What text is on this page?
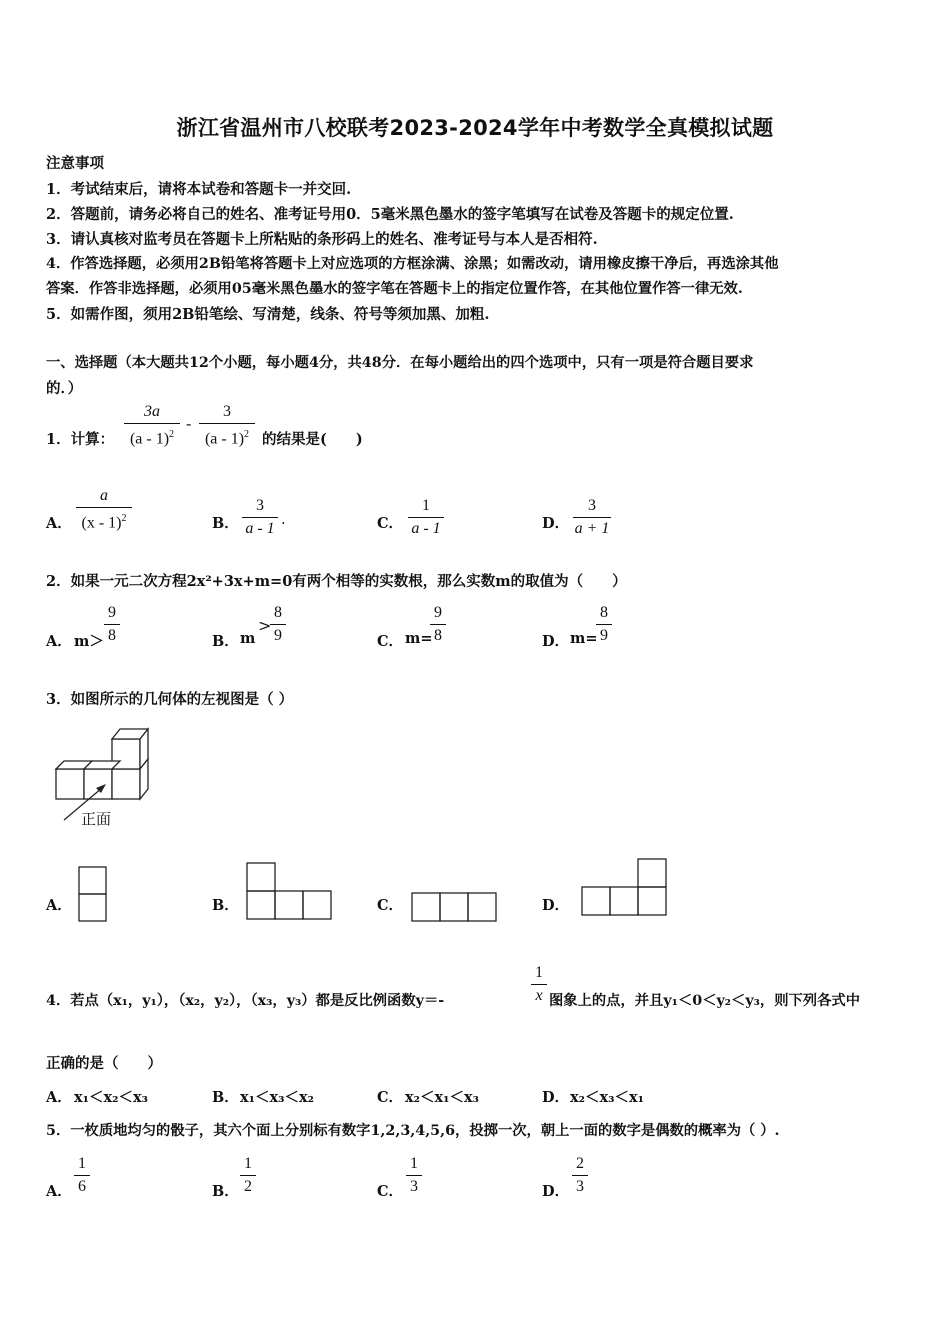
浙江省温州市八校联考2023-2024学年中考数学全真模拟试题
注意事项
1．考试结束后，请将本试卷和答题卡一并交回.
2．答题前，请务必将自己的姓名、准考证号用0．5毫米黑色墨水的签字笔填写在试卷及答题卡的规定位置.
3．请认真核对监考员在答题卡上所粘贴的条形码上的姓名、准考证号与本人是否相符.
4．作答选择题，必须用2B铅笔将答题卡上对应选项的方框涂满、涂黑；如需改动，请用橡皮擦干净后，再选涂其他
答案．作答非选择题，必须用05毫米黑色墨水的签字笔在答题卡上的指定位置作答，在其他位置作答一律无效.
5．如需作图，须用2B铅笔绘、写清楚，线条、符号等须加黑、加粗.
一、选择题（本大题共12个小题，每小题4分，共48分．在每小题给出的四个选项中，只有一项是符合题目要求
的．）
1．计算：
3a
(a - 1)$^2$
-
3
(a - 1)$^2$ 的结果是(　　)
A．
a
(x - 1)$^2$	B．
3
a - 1 .	C．
1
a - 1	D．
3
a + 1
2．如果一元二次方程2x²+3x+m=0有两个相等的实数根，那么实数m的取值为（　　）
A． m＞
9
8	B． m
>
8
9	C． m=
9
8	D． m=
8
9
3．如图所示的几何体的左视图是（ ）
正面
A．	B．	C．	D．
4．若点（x₁，y₁），（x₂，y₂），（x₃，y₃）都是反比例函数y＝-
1
x 图象上的点，并且y₁＜0＜y₂＜y₃，则下列各式中
正确的是（　　）
A． x₁＜x₂＜x₃	B． x₁＜x₃＜x₂	C． x₂＜x₁＜x₃	D． x₂＜x₃＜x₁
5．一枚质地均匀的骰子，其六个面上分别标有数字1,2,3,4,5,6，投掷一次，朝上一面的数字是偶数的概率为（ ）.
A．
1
6	B．
1
2	C．
1
3	D．
2
3
